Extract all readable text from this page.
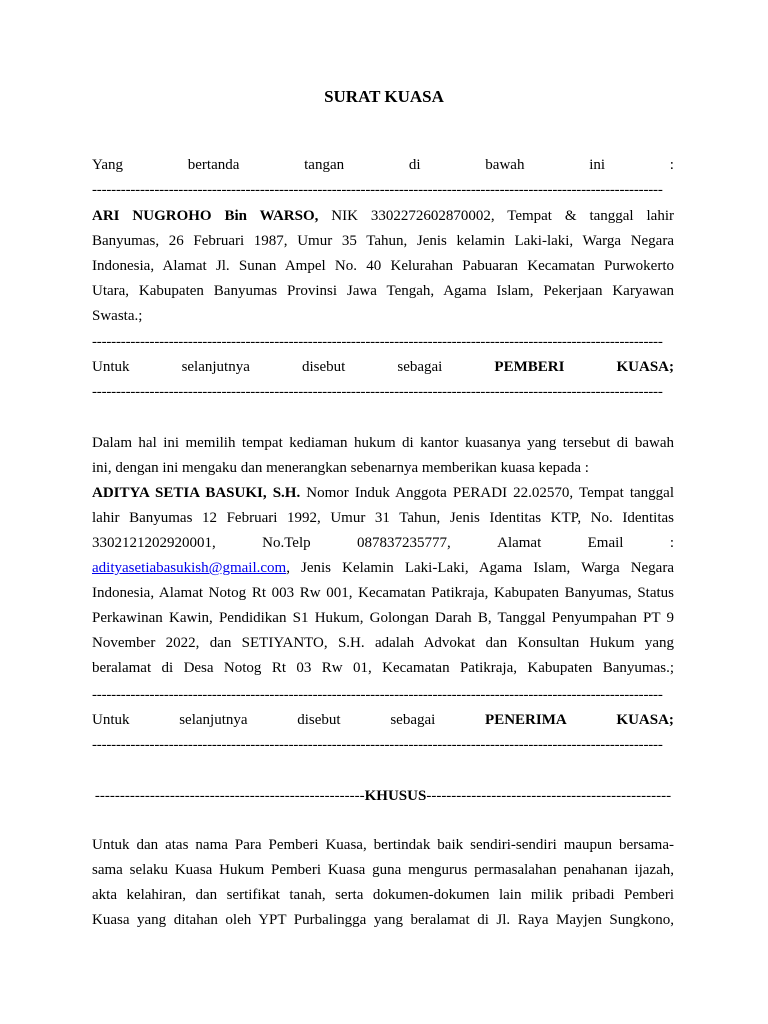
SURAT KUASA
Yang	bertanda	tangan	di	bawah	ini	:
-----------------------------------------------------------------------------------------------------------------------
ARI NUGROHO Bin WARSO, NIK 3302272602870002, Tempat & tanggal lahir
Banyumas, 26 Februari 1987, Umur 35 Tahun, Jenis kelamin Laki-laki, Warga Negara
Indonesia, Alamat Jl. Sunan Ampel No. 40 Kelurahan Pabuaran Kecamatan Purwokerto
Utara, Kabupaten Banyumas Provinsi Jawa Tengah, Agama Islam, Pekerjaan Karyawan
Swasta.;
-----------------------------------------------------------------------------------------------------------------------
Untuk	selanjutnya	disebut	sebagai	PEMBERI	KUASA;
-----------------------------------------------------------------------------------------------------------------------
Dalam hal ini memilih tempat kediaman hukum di kantor kuasanya yang tersebut di bawah
ini, dengan ini mengaku dan menerangkan sebenarnya memberikan kuasa kepada :
ADITYA SETIA BASUKI, S.H. Nomor Induk Anggota PERADI 22.02570, Tempat tanggal
lahir Banyumas 12 Februari 1992, Umur 31 Tahun, Jenis Identitas KTP, No. Identitas
3302121202920001,	No.Telp	087837235777,	Alamat	Email	:
adityasetiabasukish@gmail.com, Jenis Kelamin Laki-Laki, Agama Islam, Warga Negara
Indonesia, Alamat Notog Rt 003 Rw 001, Kecamatan Patikraja, Kabupaten Banyumas, Status
Perkawinan Kawin, Pendidikan S1 Hukum, Golongan Darah B, Tanggal Penyumpahan PT 9
November 2022, dan SETIYANTO, S.H. adalah Advokat dan Konsultan Hukum yang
beralamat di Desa Notog Rt 03 Rw 01, Kecamatan Patikraja, Kabupaten Banyumas.;
-----------------------------------------------------------------------------------------------------------------------
Untuk	selanjutnya	disebut	sebagai	PENERIMA	KUASA;
-----------------------------------------------------------------------------------------------------------------------
------------------------------------------------------KHUSUS-------------------------------------------------
Untuk dan atas nama Para Pemberi Kuasa, bertindak baik sendiri-sendiri maupun bersama-
sama selaku Kuasa Hukum Pemberi Kuasa guna mengurus permasalahan penahanan ijazah,
akta kelahiran, dan sertifikat tanah, serta dokumen-dokumen lain milik pribadi Pemberi
Kuasa yang ditahan oleh YPT Purbalingga yang beralamat di Jl. Raya Mayjen Sungkono,
